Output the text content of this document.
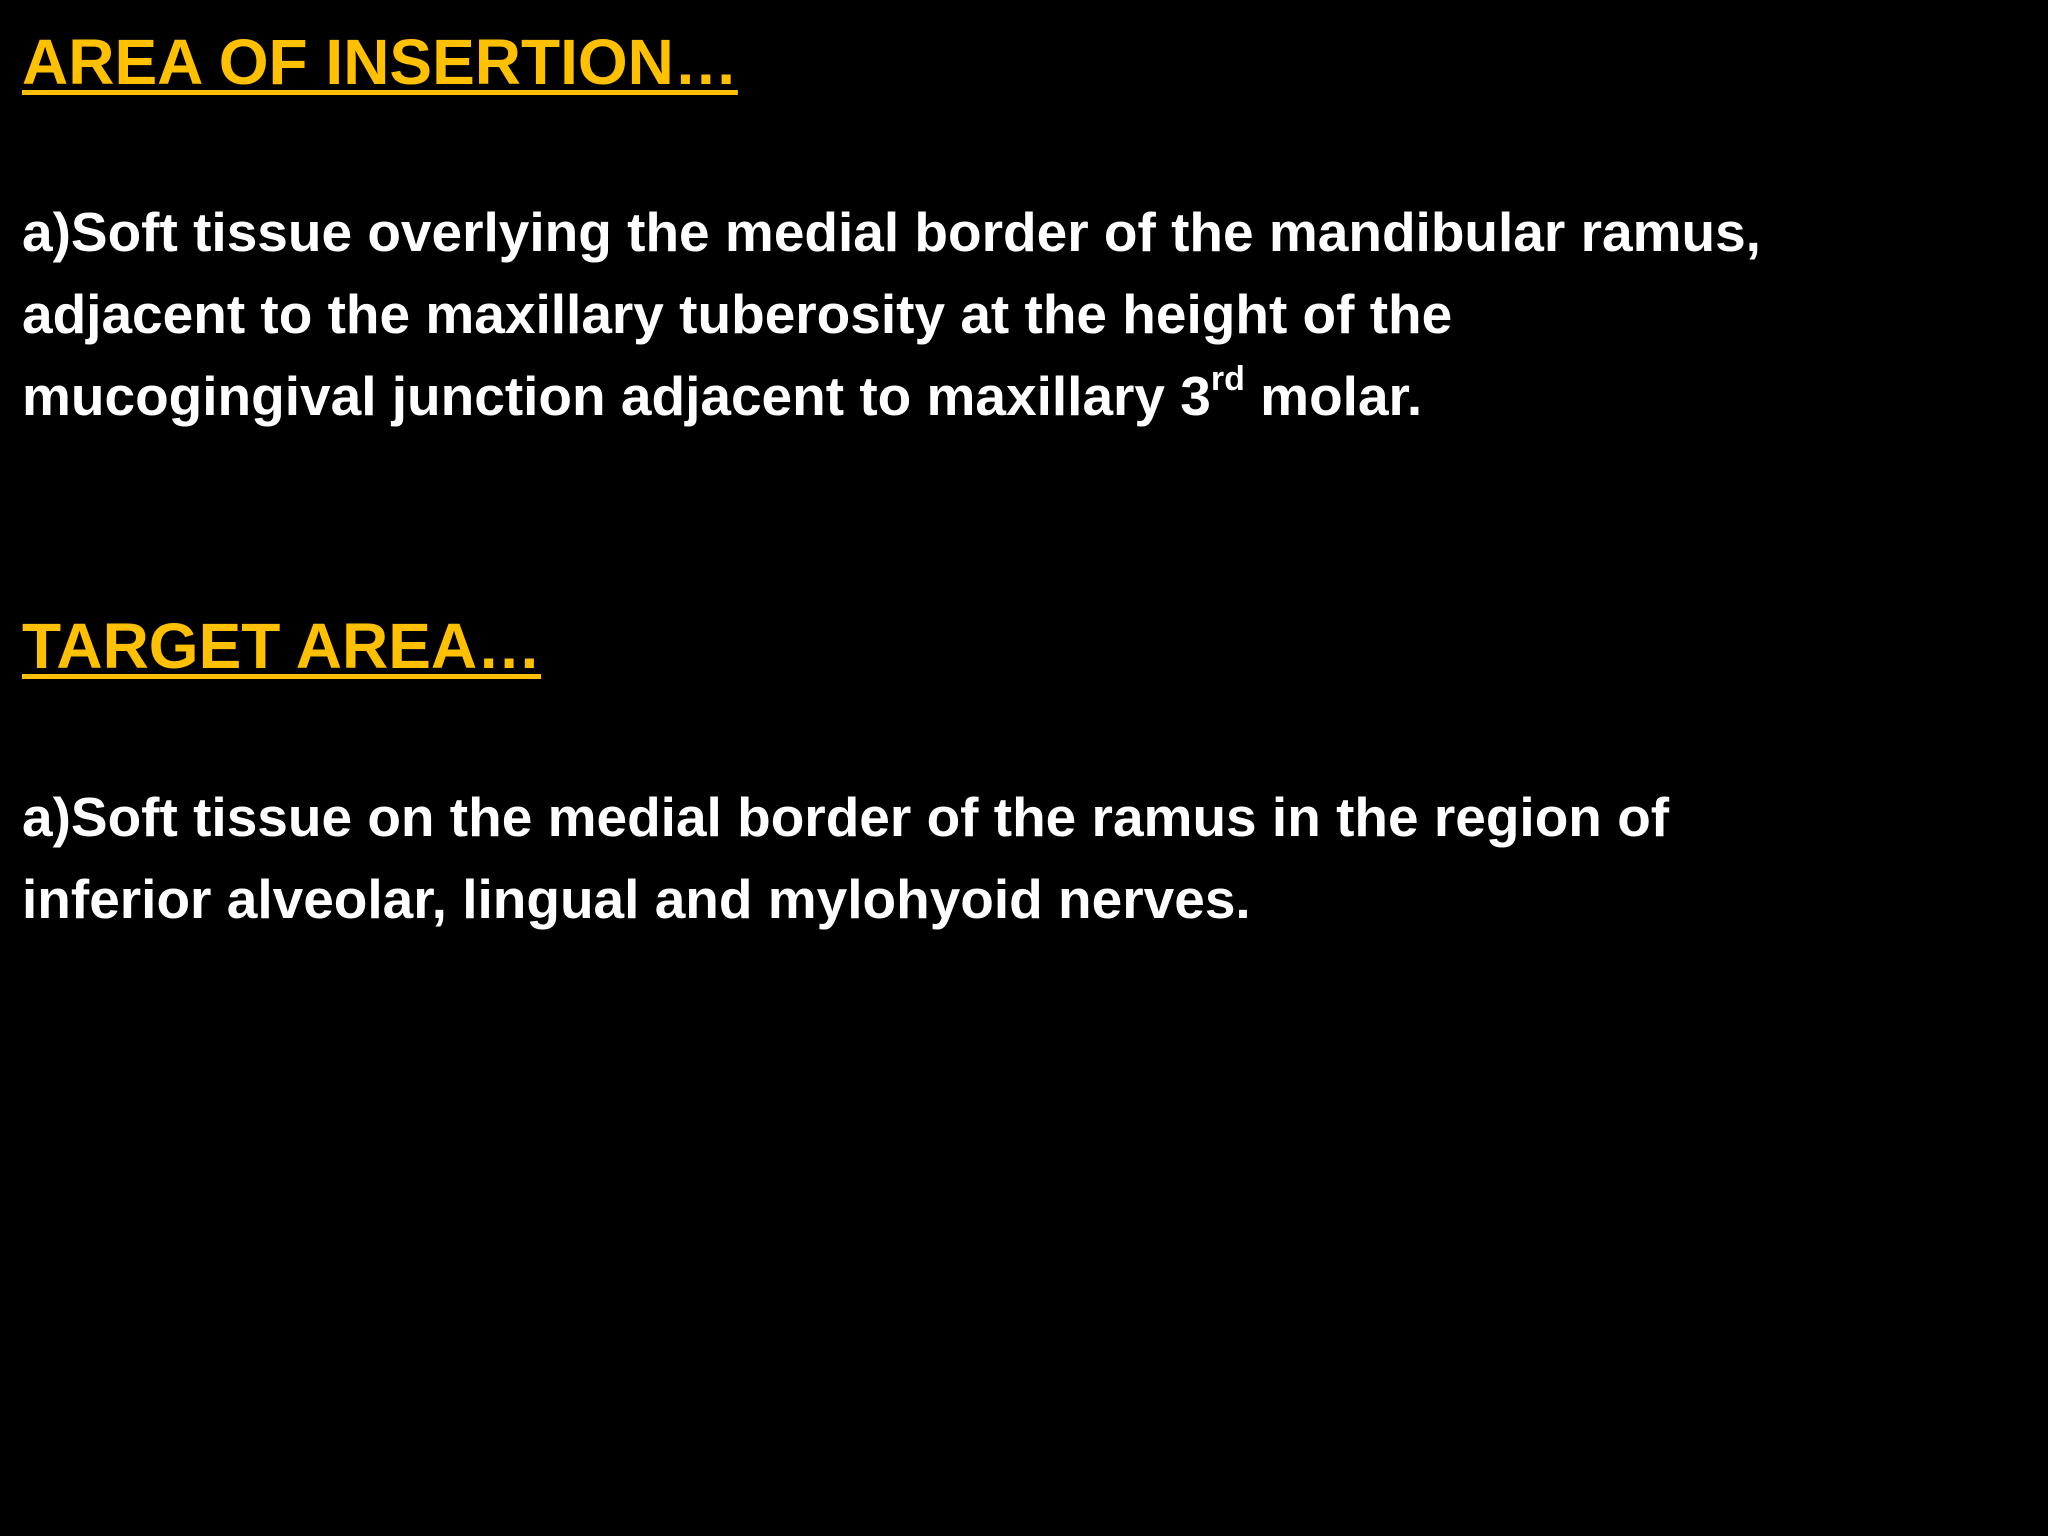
AREA OF INSERTION…
a)Soft tissue overlying the medial border of the mandibular ramus,
adjacent to the maxillary tuberosity at the height of the
mucogingival junction adjacent to maxillary 3rd molar.
TARGET AREA…
a)Soft tissue on the medial border of the ramus in the region of
inferior alveolar, lingual and mylohyoid nerves.
